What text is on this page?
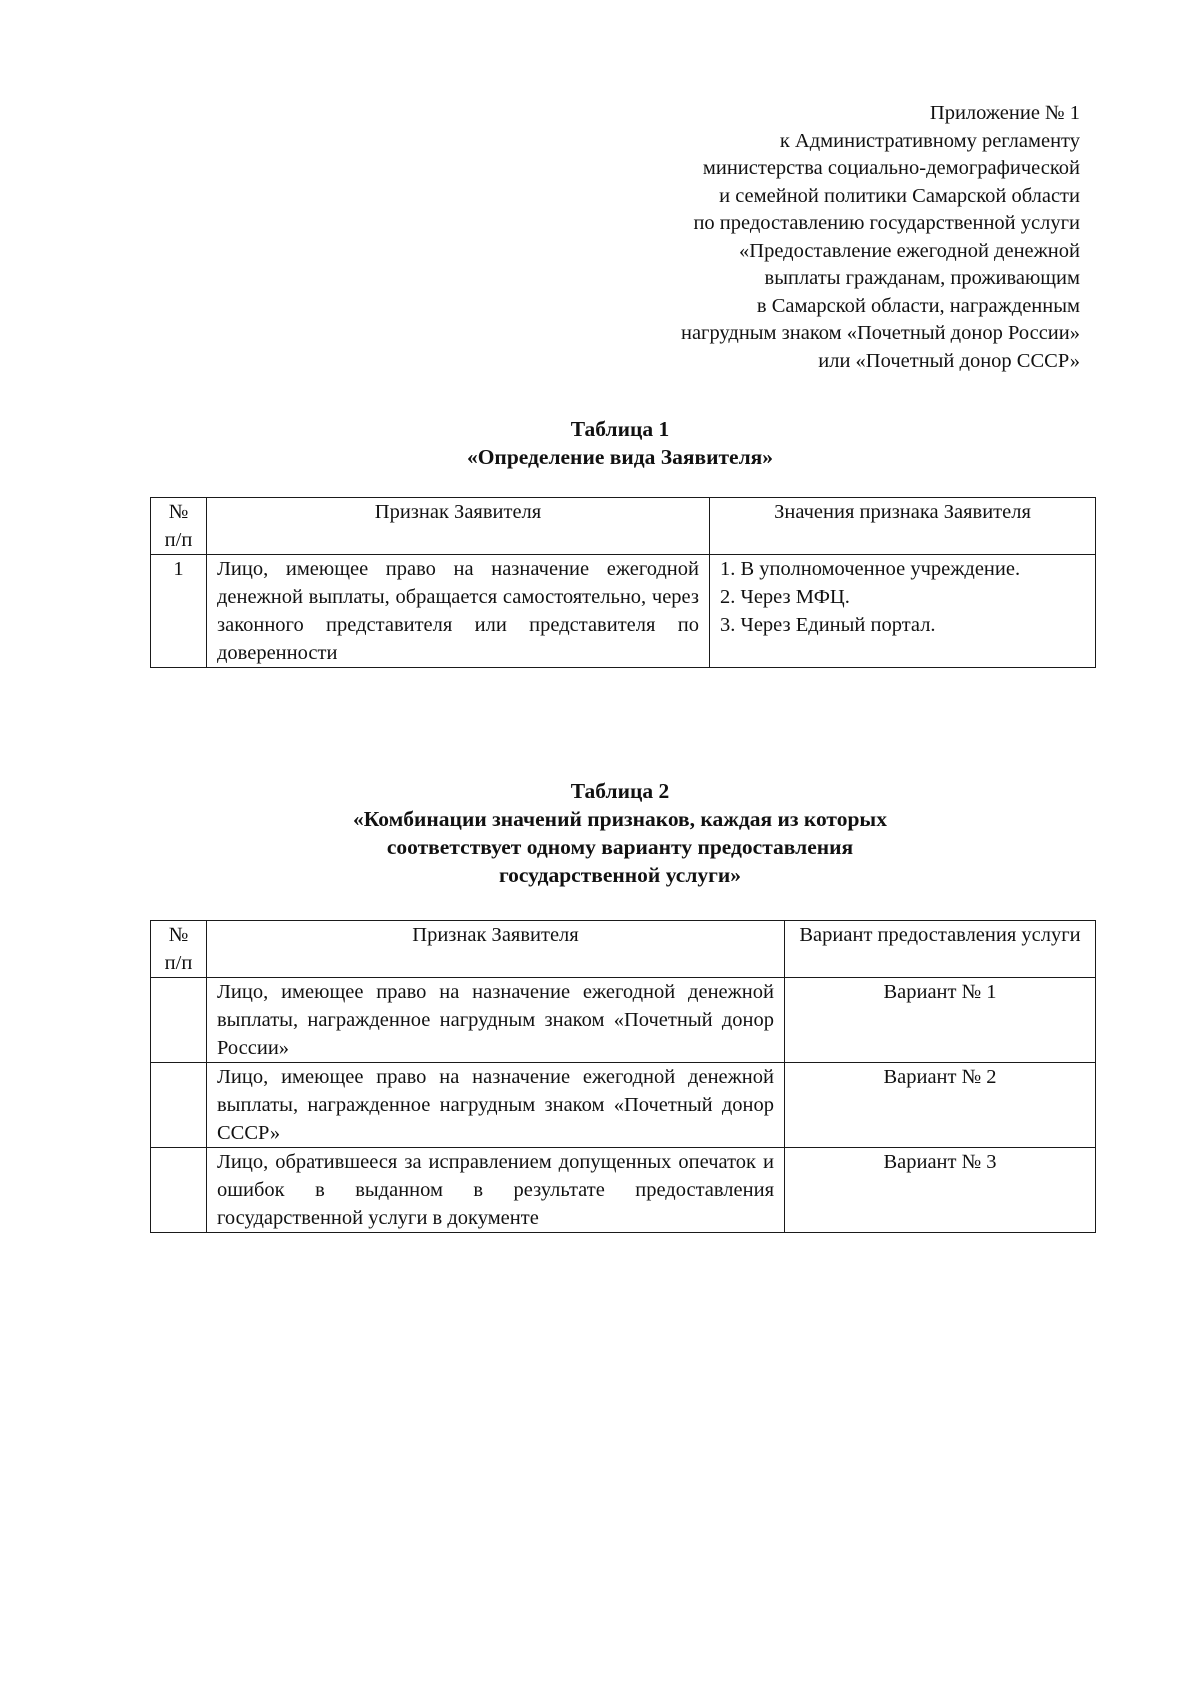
Приложение № 1
к Административному регламенту
министерства социально-демографической
и семейной политики Самарской области
по предоставлению государственной услуги
«Предоставление ежегодной денежной
выплаты гражданам, проживающим
в Самарской области, награжденным
нагрудным знаком «Почетный донор России»
или «Почетный донор СССР»
Таблица 1
«Определение вида Заявителя»
№
п/п	Признак Заявителя	Значения признака Заявителя
1	Лицо, имеющее право на назначение ежегодной денежной выплаты, обращается самостоятельно, через законного представителя или представителя по доверенности	1. В уполномоченное учреждение.
2. Через МФЦ.
3. Через Единый портал.
Таблица 2
«Комбинации значений признаков, каждая из которых
соответствует одному варианту предоставления
государственной услуги»
№
п/п	Признак Заявителя	Вариант предоставления услуги
	Лицо, имеющее право на назначение ежегодной денежной выплаты, награжденное нагрудным знаком «Почетный донор России»	Вариант № 1
	Лицо, имеющее право на назначение ежегодной денежной выплаты, награжденное нагрудным знаком «Почетный донор СССР»	Вариант № 2
	Лицо, обратившееся за исправлением допущенных опечаток и ошибок в выданном в результате предоставления государственной услуги в документе	Вариант № 3
